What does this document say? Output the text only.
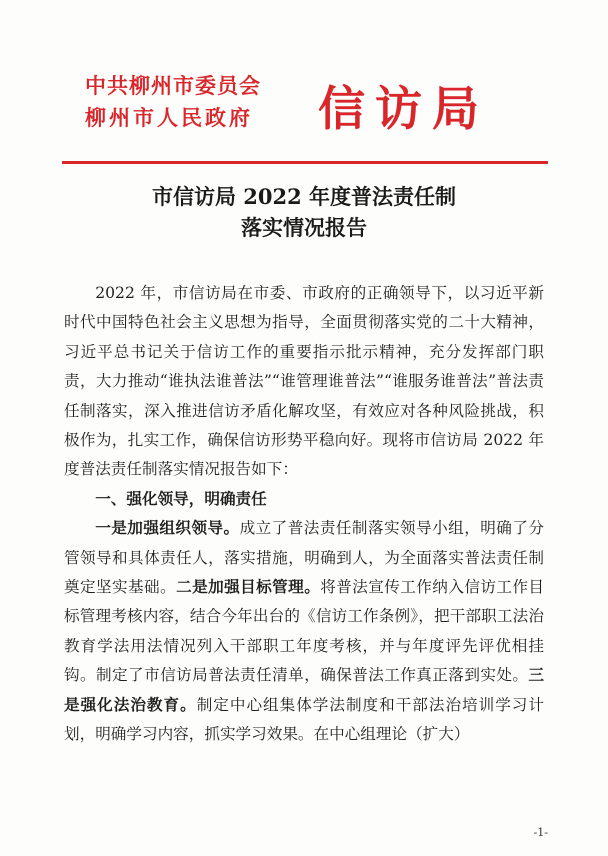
中共柳州市委员会
柳州市人民政府 信访局
市信访局 2022 年度普法责任制
落实情况报告

2022 年，市信访局在市委、市政府的正确领导下，以习近平新时代中国特色社会主义思想为指导，全面贯彻落实党的二十大精神，习近平总书记关于信访工作的重要指示批示精神，充分发挥部门职责，大力推动“谁执法谁普法”“谁管理谁普法”“谁服务谁普法”普法责任制落实，深入推进信访矛盾化解攻坚，有效应对各种风险挑战，积极作为，扎实工作，确保信访形势平稳向好。现将市信访局 2022 年度普法责任制落实情况报告如下：

一、强化领导，明确责任

一是加强组织领导。成立了普法责任制落实领导小组，明确了分管领导和具体责任人，落实措施，明确到人，为全面落实普法责任制奠定坚实基础。二是加强目标管理。将普法宣传工作纳入信访工作目标管理考核内容，结合今年出台的《信访工作条例》，把干部职工法治教育学法用法情况列入干部职工年度考核，并与年度评先评优相挂钩。制定了市信访局普法责任清单，确保普法工作真正落到实处。三是强化法治教育。制定中心组集体学法制度和干部法治培训学习计划，明确学习内容，抓实学习效果。在中心组理论（扩大）

-1-
